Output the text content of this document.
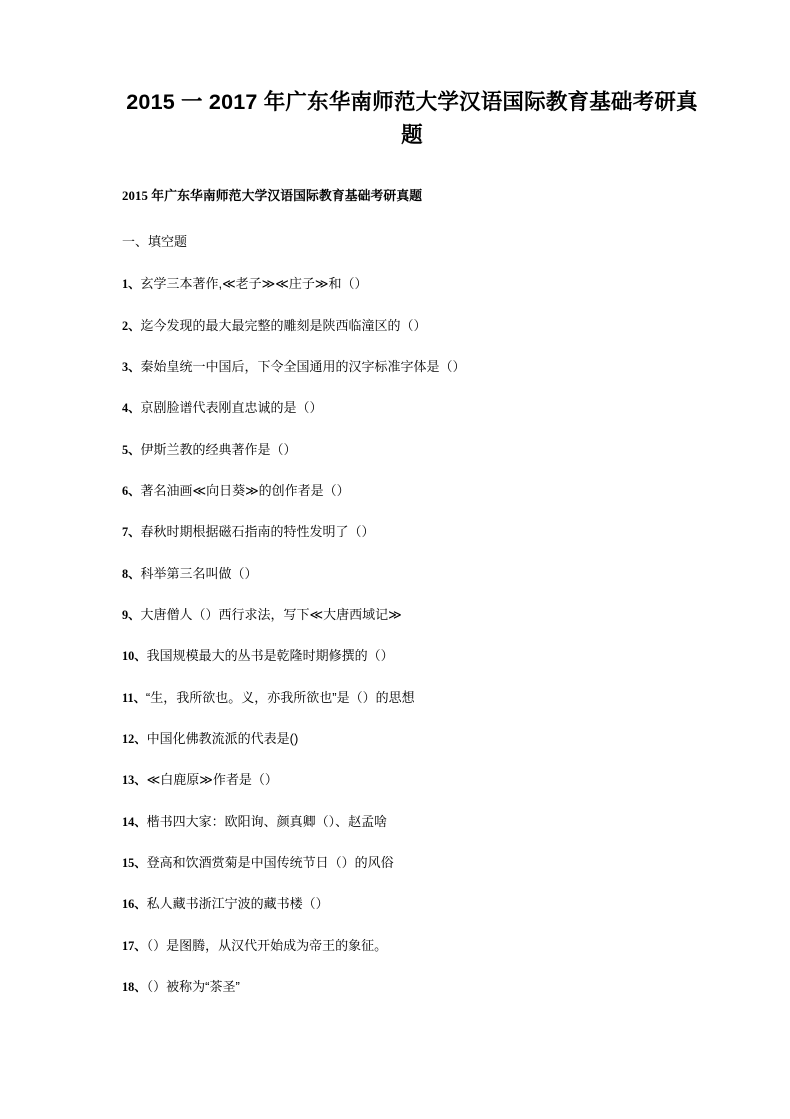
2015 一 2017 年广东华南师范大学汉语国际教育基础考研真题
2015 年广东华南师范大学汉语国际教育基础考研真题
一、填空题
1、玄学三本著作,≪老子≫≪庄子≫和（）
2、迄今发现的最大最完整的雕刻是陕西临潼区的（）
3、秦始皇统一中国后，下令全国通用的汉字标准字体是（）
4、京剧脸谱代表刚直忠诚的是（）
5、伊斯兰教的经典著作是（）
6、著名油画≪向日葵≫的创作者是（）
7、春秋时期根据磁石指南的特性发明了（）
8、科举第三名叫做（）
9、大唐僧人（）西行求法，写下≪大唐西域记≫
10、我国规模最大的丛书是乾隆时期修撰的（）
11、“生，我所欲也。义，亦我所欲也”是（）的思想
12、中国化佛教流派的代表是()
13、≪白鹿原≫作者是（）
14、楷书四大家：欧阳询、颜真卿（）、赵孟啥
15、登高和饮酒赏菊是中国传统节日（）的风俗
16、私人藏书浙江宁波的藏书楼（）
17、（）是图腾，从汉代开始成为帝王的象征。
18、（）被称为“茶圣”
